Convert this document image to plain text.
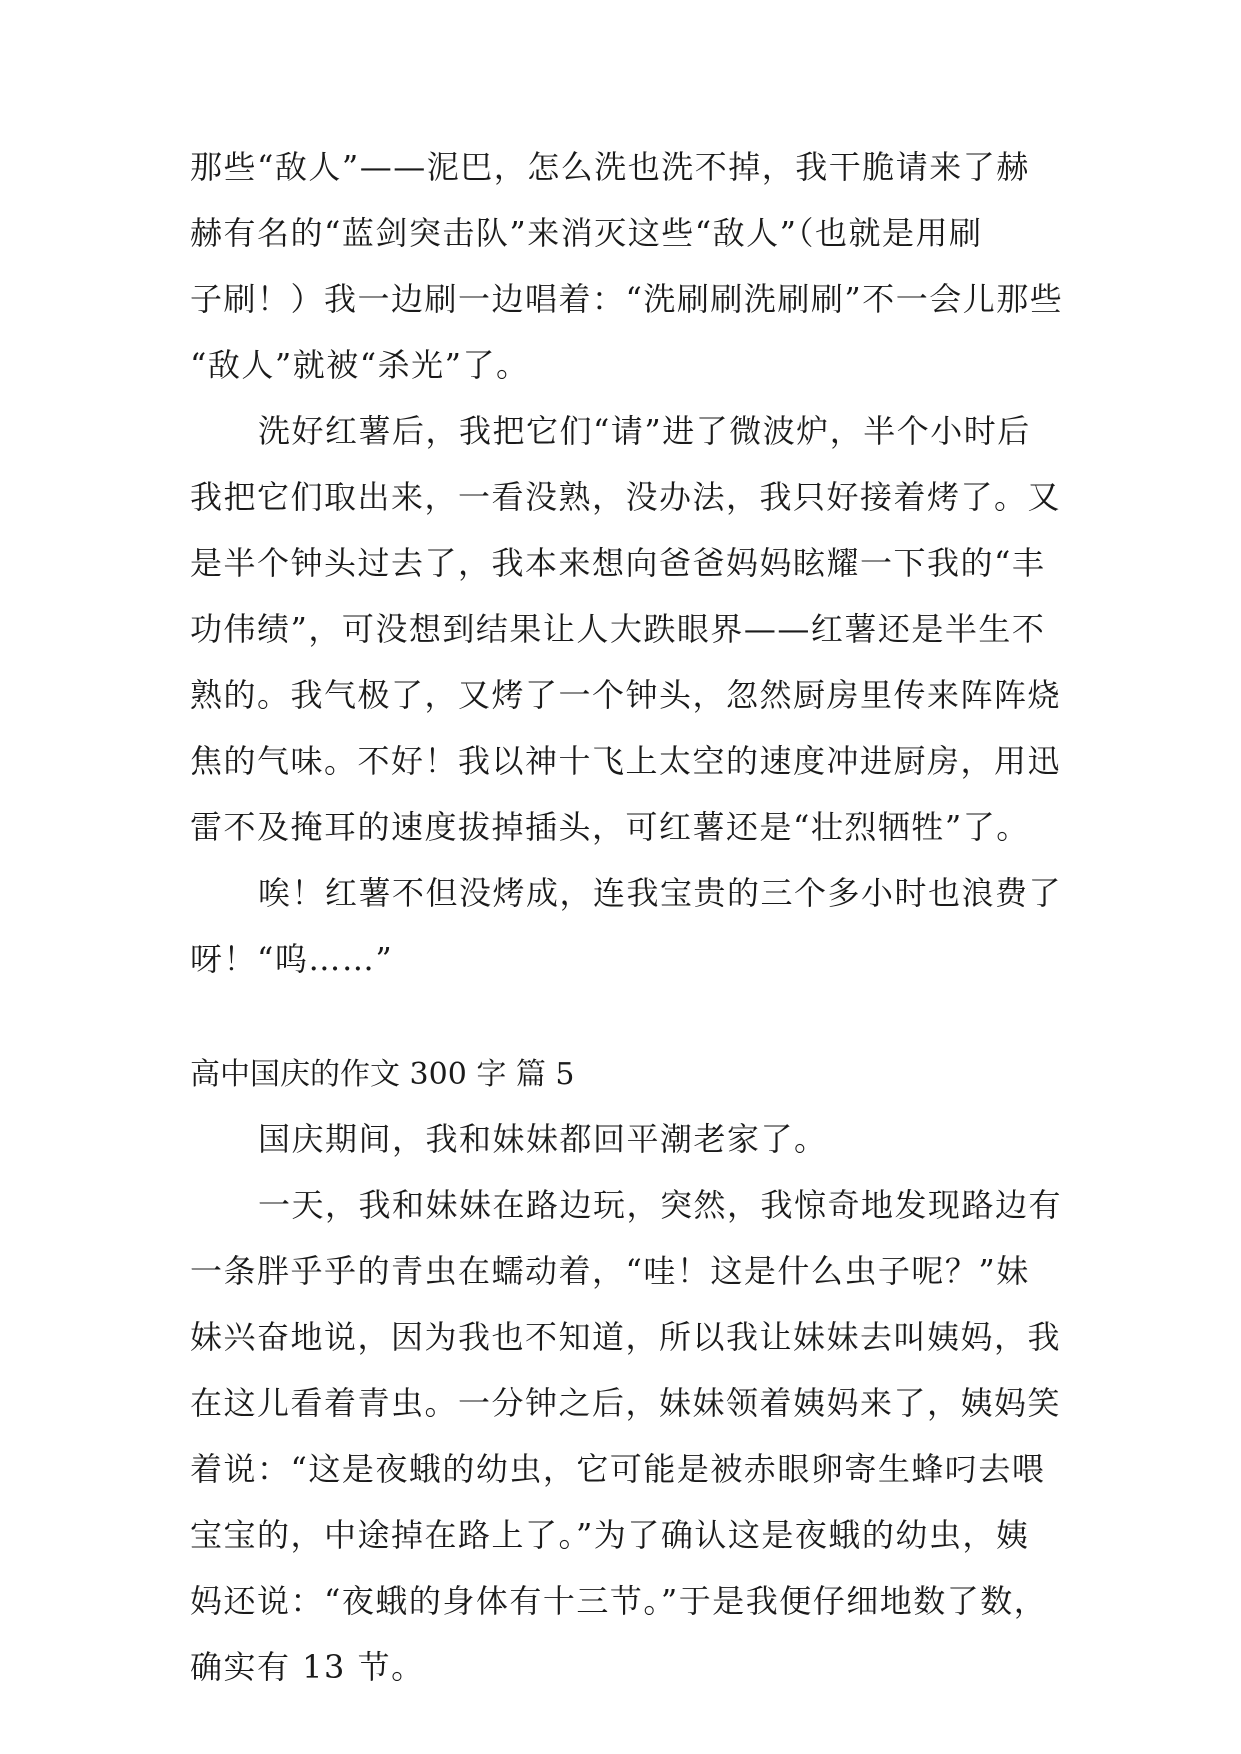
那些“敌人”——泥巴，怎么洗也洗不掉，我干脆请来了赫
赫有名的“蓝剑突击队”来消灭这些“敌人”（也就是用刷
子刷！）我一边刷一边唱着：“洗刷刷洗刷刷”不一会儿那些
“敌人”就被“杀光”了。
洗好红薯后，我把它们“请”进了微波炉，半个小时后
我把它们取出来，一看没熟，没办法，我只好接着烤了。又
是半个钟头过去了，我本来想向爸爸妈妈眩耀一下我的“丰
功伟绩”，可没想到结果让人大跌眼界——红薯还是半生不
熟的。我气极了，又烤了一个钟头，忽然厨房里传来阵阵烧
焦的气味。不好！我以神十飞上太空的速度冲进厨房，用迅
雷不及掩耳的速度拔掉插头，可红薯还是“壮烈牺牲”了。
唉！红薯不但没烤成，连我宝贵的三个多小时也浪费了
呀！“呜……”
高中国庆的作文 300 字 篇 5
国庆期间，我和妹妹都回平潮老家了。
一天，我和妹妹在路边玩，突然，我惊奇地发现路边有
一条胖乎乎的青虫在蠕动着，“哇！这是什么虫子呢？”妹
妹兴奋地说，因为我也不知道，所以我让妹妹去叫姨妈，我
在这儿看着青虫。一分钟之后，妹妹领着姨妈来了，姨妈笑
着说：“这是夜蛾的幼虫，它可能是被赤眼卵寄生蜂叼去喂
宝宝的，中途掉在路上了。”为了确认这是夜蛾的幼虫，姨
妈还说：“夜蛾的身体有十三节。”于是我便仔细地数了数，
确实有 13 节。
